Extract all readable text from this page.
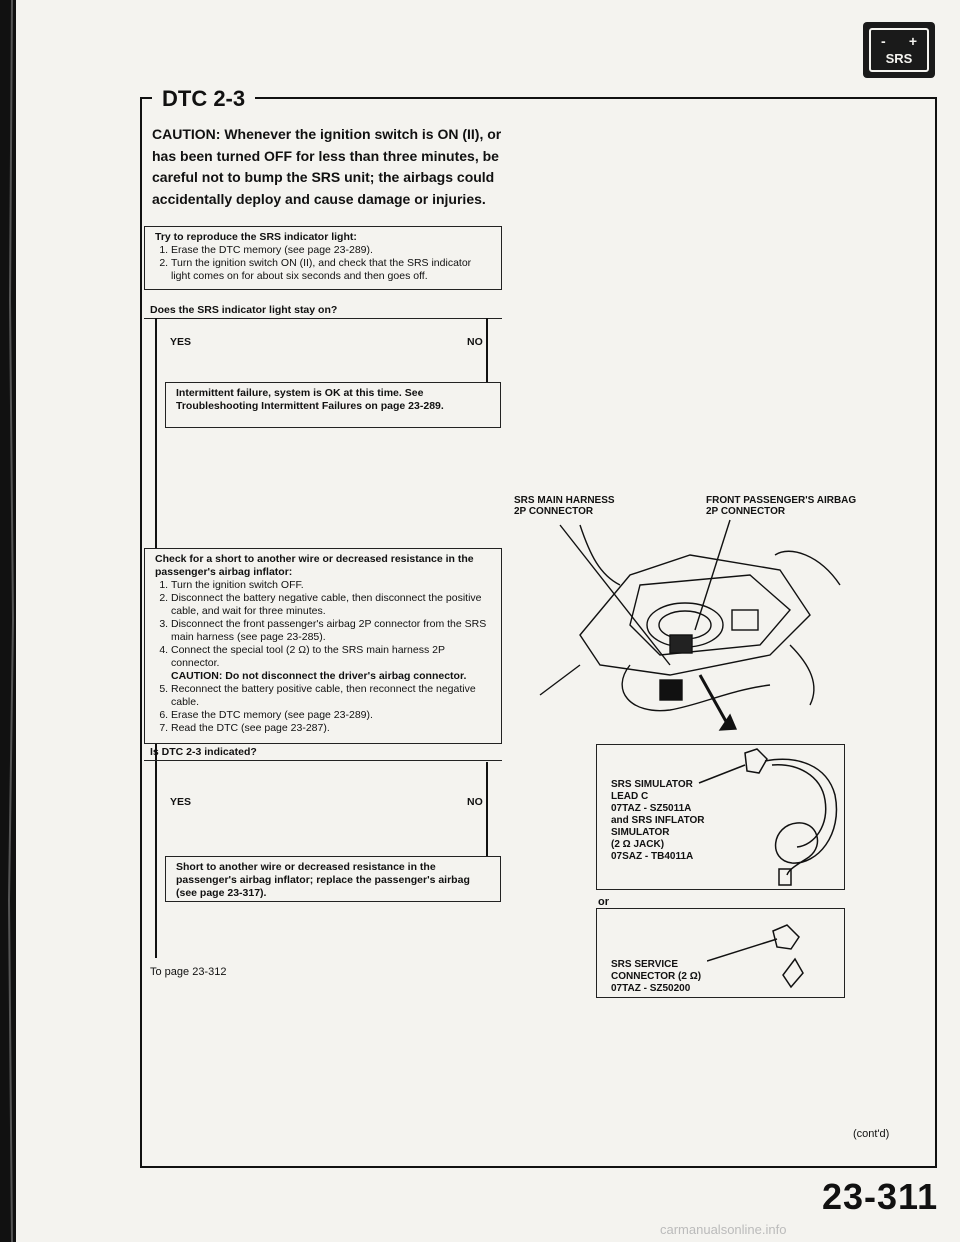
- +
SRS
DTC 2-3
CAUTION: Whenever the ignition switch is ON (II), or has been turned OFF for less than three minutes, be careful not to bump the SRS unit; the airbags could accidentally deploy and cause damage or injuries.
Try to reproduce the SRS indicator light:
1. Erase the DTC memory (see page 23-289).
2. Turn the ignition switch ON (II), and check that the SRS indicator light comes on for about six seconds and then goes off.
Does the SRS indicator light stay on?
YES	NO
Intermittent failure, system is OK at this time. See Troubleshooting Intermittent Failures on page 23-289.
Check for a short to another wire or decreased resistance in the passenger's airbag inflator:
1. Turn the ignition switch OFF.
2. Disconnect the battery negative cable, then disconnect the positive cable, and wait for three minutes.
3. Disconnect the front passenger's airbag 2P connector from the SRS main harness (see page 23-285).
4. Connect the special tool (2 Ω) to the SRS main harness 2P connector.
CAUTION: Do not disconnect the driver's airbag connector.
5. Reconnect the battery positive cable, then reconnect the negative cable.
6. Erase the DTC memory (see page 23-289).
7. Read the DTC (see page 23-287).
Is DTC 2-3 indicated?
YES	NO
Short to another wire or decreased resistance in the passenger's airbag inflator; replace the passenger's airbag (see page 23-317).
To page 23-312
SRS MAIN HARNESS
2P CONNECTOR
FRONT PASSENGER'S AIRBAG
2P CONNECTOR
SRS SIMULATOR
LEAD C
07TAZ - SZ5011A
and SRS INFLATOR
SIMULATOR
(2 Ω JACK)
07SAZ - TB4011A
or
SRS SERVICE
CONNECTOR (2 Ω)
07TAZ - SZ50200
(cont'd)
23-311
carmanualsonline.info
